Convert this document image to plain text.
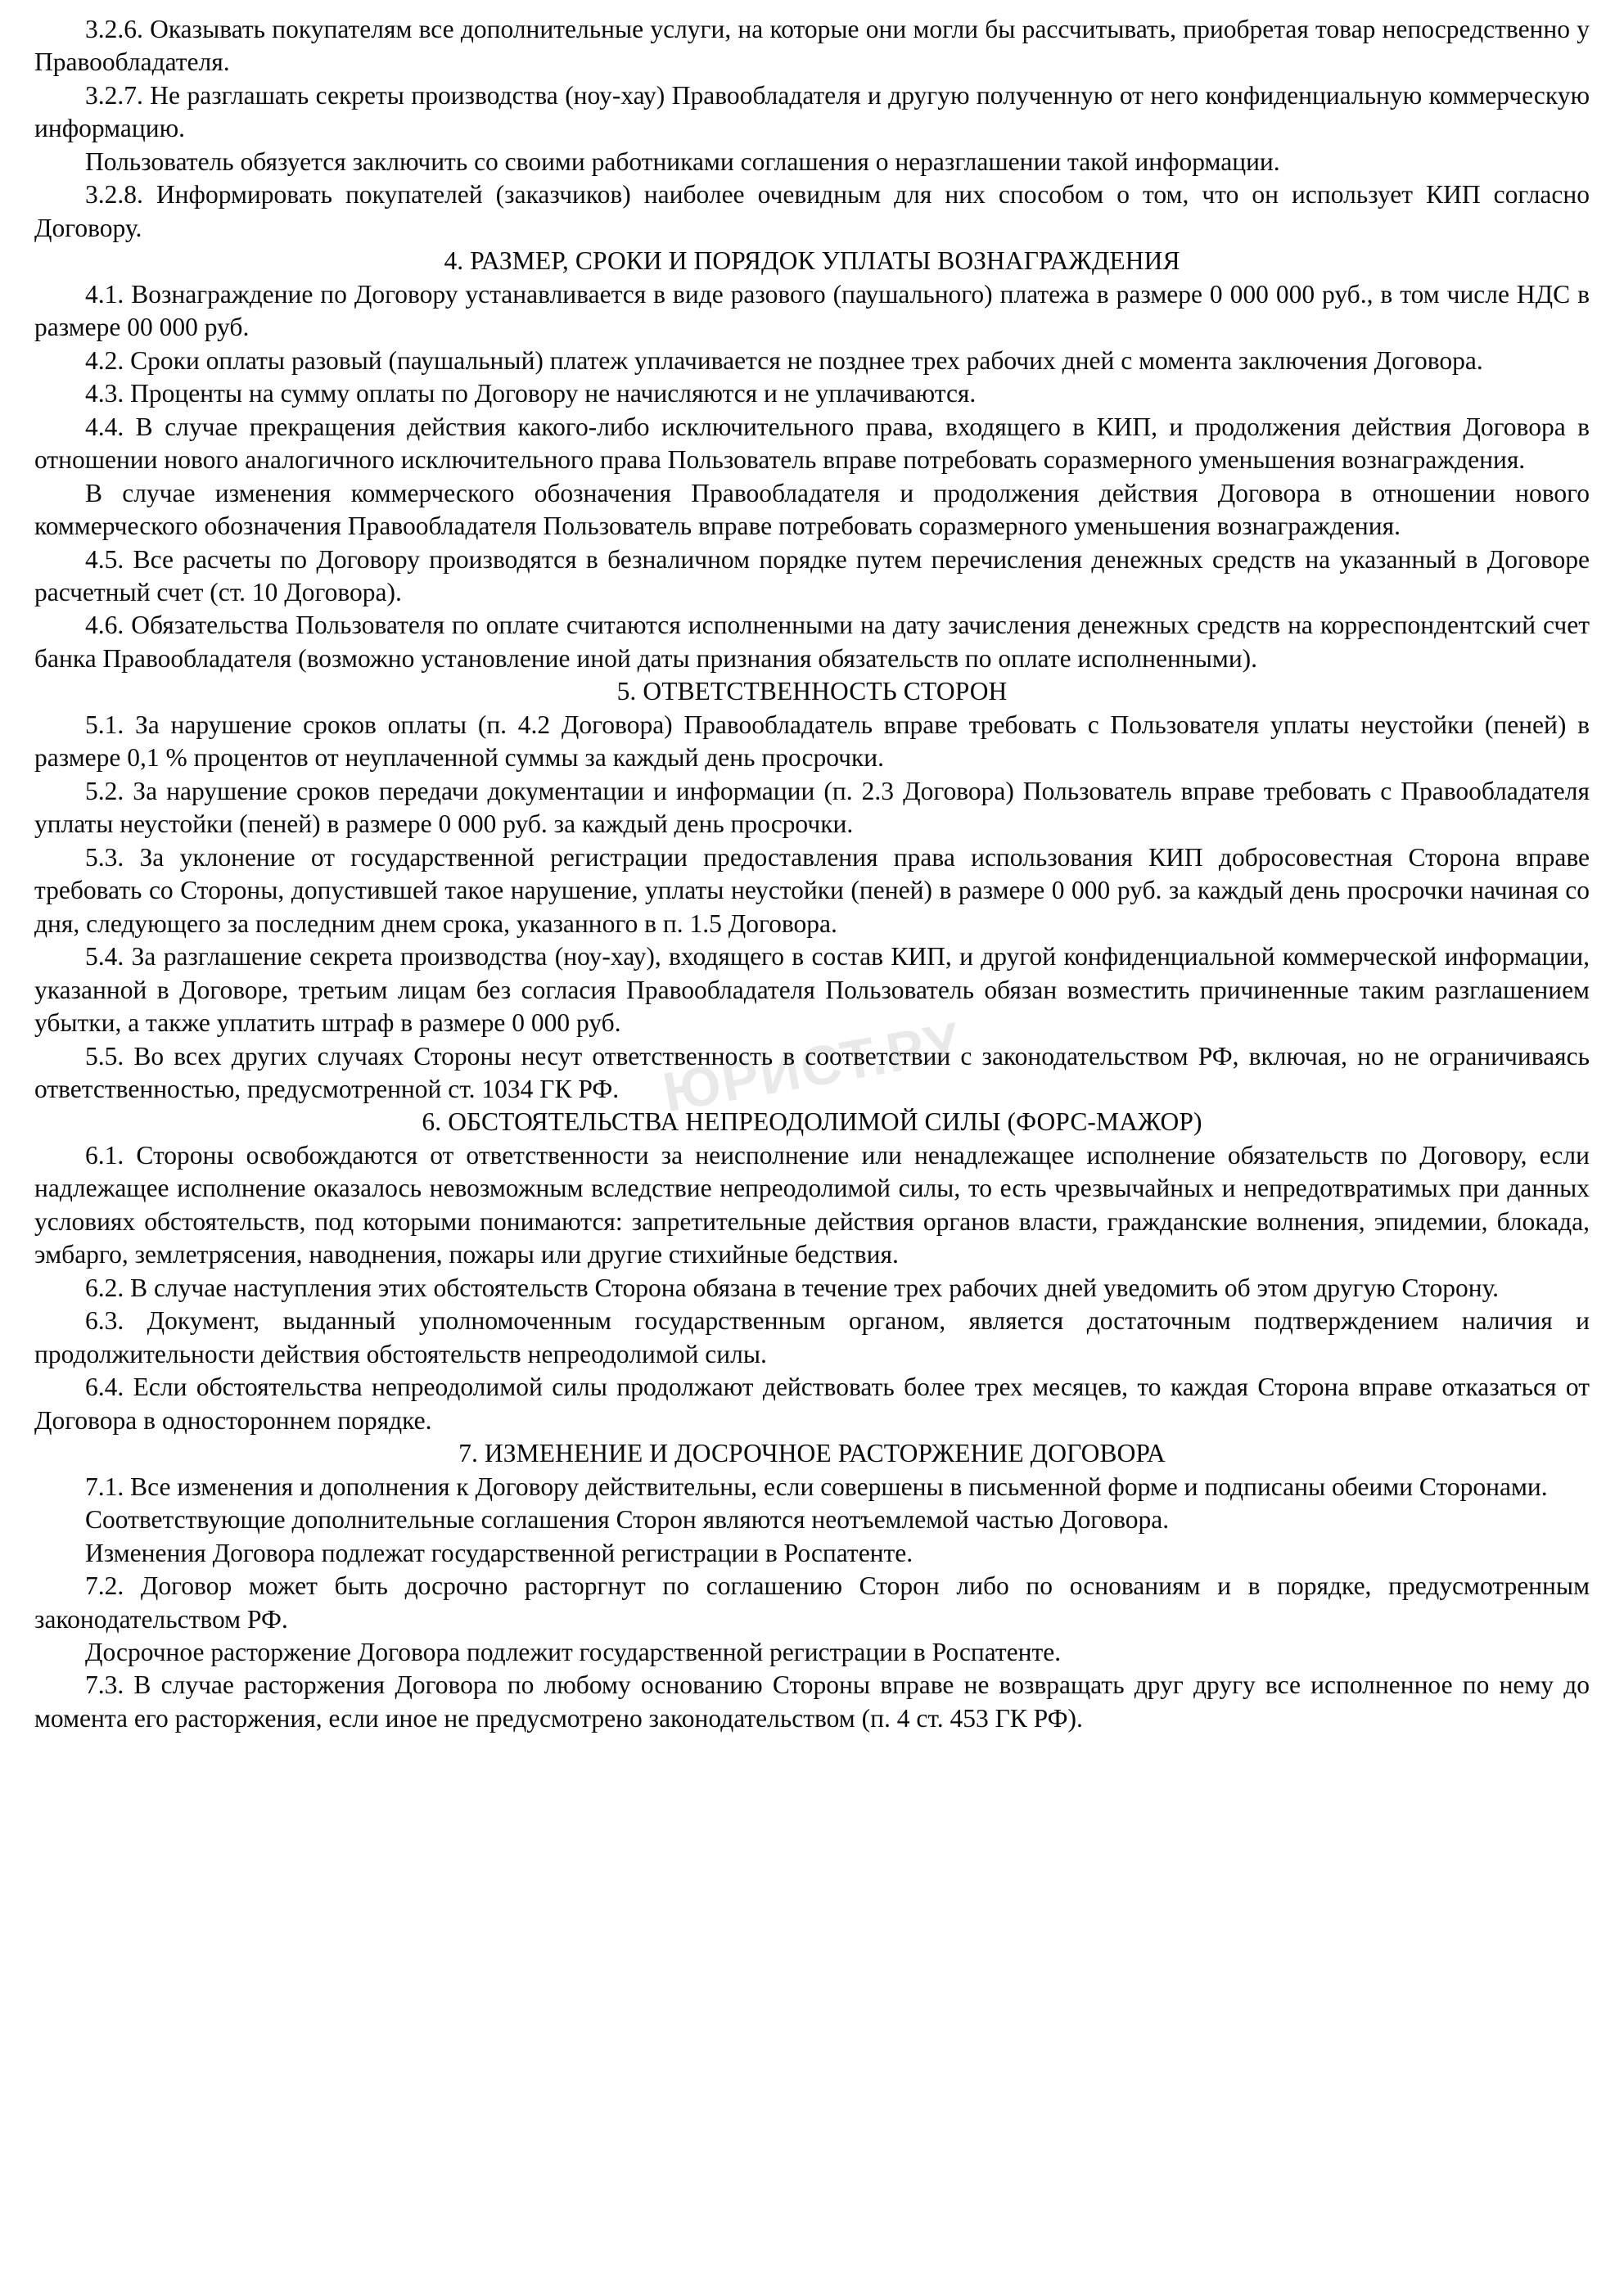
ЮРИСТ.РУ

3.2.6. Оказывать покупателям все дополнительные услуги, на которые они могли бы рассчитывать, приобретая товар непосредственно у Правообладателя.

3.2.7. Не разглашать секреты производства (ноу-хау) Правообладателя и другую полученную от него конфиденциальную коммерческую информацию.

Пользователь обязуется заключить со своими работниками соглашения о неразглашении такой информации.

3.2.8. Информировать покупателей (заказчиков) наиболее очевидным для них способом о том, что он использует КИП согласно Договору.

4. РАЗМЕР, СРОКИ И ПОРЯДОК УПЛАТЫ ВОЗНАГРАЖДЕНИЯ

4.1. Вознаграждение по Договору устанавливается в виде разового (паушального) платежа в размере 0 000 000 руб., в том числе НДС в размере 00 000 руб.

4.2. Сроки оплаты разовый (паушальный) платеж уплачивается не позднее трех рабочих дней с момента заключения Договора.

4.3. Проценты на сумму оплаты по Договору не начисляются и не уплачиваются.

4.4. В случае прекращения действия какого-либо исключительного права, входящего в КИП, и продолжения действия Договора в отношении нового аналогичного исключительного права Пользователь вправе потребовать соразмерного уменьшения вознаграждения.

В случае изменения коммерческого обозначения Правообладателя и продолжения действия Договора в отношении нового коммерческого обозначения Правообладателя Пользователь вправе потребовать соразмерного уменьшения вознаграждения.

4.5. Все расчеты по Договору производятся в безналичном порядке путем перечисления денежных средств на указанный в Договоре расчетный счет (ст. 10 Договора).

4.6. Обязательства Пользователя по оплате считаются исполненными на дату зачисления денежных средств на корреспондентский счет банка Правообладателя (возможно установление иной даты признания обязательств по оплате исполненными).

5. ОТВЕТСТВЕННОСТЬ СТОРОН

5.1. За нарушение сроков оплаты (п. 4.2 Договора) Правообладатель вправе требовать с Пользователя уплаты неустойки (пеней) в размере 0,1 % процентов от неуплаченной суммы за каждый день просрочки.

5.2. За нарушение сроков передачи документации и информации (п. 2.3 Договора) Пользователь вправе требовать с Правообладателя уплаты неустойки (пеней) в размере 0 000 руб. за каждый день просрочки.

5.3. За уклонение от государственной регистрации предоставления права использования КИП добросовестная Сторона вправе требовать со Стороны, допустившей такое нарушение, уплаты неустойки (пеней) в размере 0 000 руб. за каждый день просрочки начиная со дня, следующего за последним днем срока, указанного в п. 1.5 Договора.

5.4. За разглашение секрета производства (ноу-хау), входящего в состав КИП, и другой конфиденциальной коммерческой информации, указанной в Договоре, третьим лицам без согласия Правообладателя Пользователь обязан возместить причиненные таким разглашением убытки, а также уплатить штраф в размере 0 000 руб.

5.5. Во всех других случаях Стороны несут ответственность в соответствии с законодательством РФ, включая, но не ограничиваясь ответственностью, предусмотренной ст. 1034 ГК РФ.

6. ОБСТОЯТЕЛЬСТВА НЕПРЕОДОЛИМОЙ СИЛЫ (ФОРС-МАЖОР)

6.1. Стороны освобождаются от ответственности за неисполнение или ненадлежащее исполнение обязательств по Договору, если надлежащее исполнение оказалось невозможным вследствие непреодолимой силы, то есть чрезвычайных и непредотвратимых при данных условиях обстоятельств, под которыми понимаются: запретительные действия органов власти, гражданские волнения, эпидемии, блокада, эмбарго, землетрясения, наводнения, пожары или другие стихийные бедствия.

6.2. В случае наступления этих обстоятельств Сторона обязана в течение трех рабочих дней уведомить об этом другую Сторону.

6.3. Документ, выданный уполномоченным государственным органом, является достаточным подтверждением наличия и продолжительности действия обстоятельств непреодолимой силы.

6.4. Если обстоятельства непреодолимой силы продолжают действовать более трех месяцев, то каждая Сторона вправе отказаться от Договора в одностороннем порядке.

7. ИЗМЕНЕНИЕ И ДОСРОЧНОЕ РАСТОРЖЕНИЕ ДОГОВОРА

7.1. Все изменения и дополнения к Договору действительны, если совершены в письменной форме и подписаны обеими Сторонами.

Соответствующие дополнительные соглашения Сторон являются неотъемлемой частью Договора.

Изменения Договора подлежат государственной регистрации в Роспатенте.

7.2. Договор может быть досрочно расторгнут по соглашению Сторон либо по основаниям и в порядке, предусмотренным законодательством РФ.

Досрочное расторжение Договора подлежит государственной регистрации в Роспатенте.

7.3. В случае расторжения Договора по любому основанию Стороны вправе не возвращать друг другу все исполненное по нему до момента его расторжения, если иное не предусмотрено законодательством (п. 4 ст. 453 ГК РФ).
